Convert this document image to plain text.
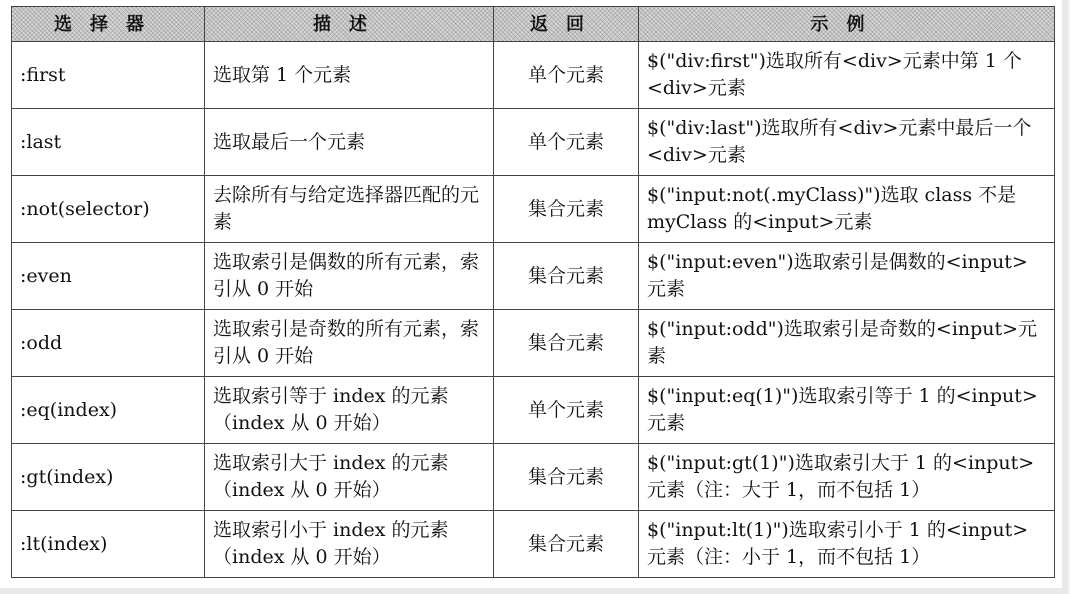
选择器	描述	返回	示例
:first	选取第 1 个元素	单个元素	$("div:first")选取所有<div>元素中第 1 个<div>元素
:last	选取最后一个元素	单个元素	$("div:last")选取所有<div>元素中最后一个<div>元素
:not(selector)	去除所有与给定选择器匹配的元素	集合元素	$("input:not(.myClass)")选取 class 不是 myClass 的<input>元素
:even	选取索引是偶数的所有元素，索引从 0 开始	集合元素	$("input:even")选取索引是偶数的<input>元素
:odd	选取索引是奇数的所有元素，索引从 0 开始	集合元素	$("input:odd")选取索引是奇数的<input>元素
:eq(index)	选取索引等于 index 的元素（index 从 0 开始）	单个元素	$("input:eq(1)")选取索引等于 1 的<input>元素
:gt(index)	选取索引大于 index 的元素（index 从 0 开始）	集合元素	$("input:gt(1)")选取索引大于 1 的<input>元素（注：大于 1，而不包括 1）
:lt(index)	选取索引小于 index 的元素（index 从 0 开始）	集合元素	$("input:lt(1)")选取索引小于 1 的<input>元素（注：小于 1，而不包括 1）
